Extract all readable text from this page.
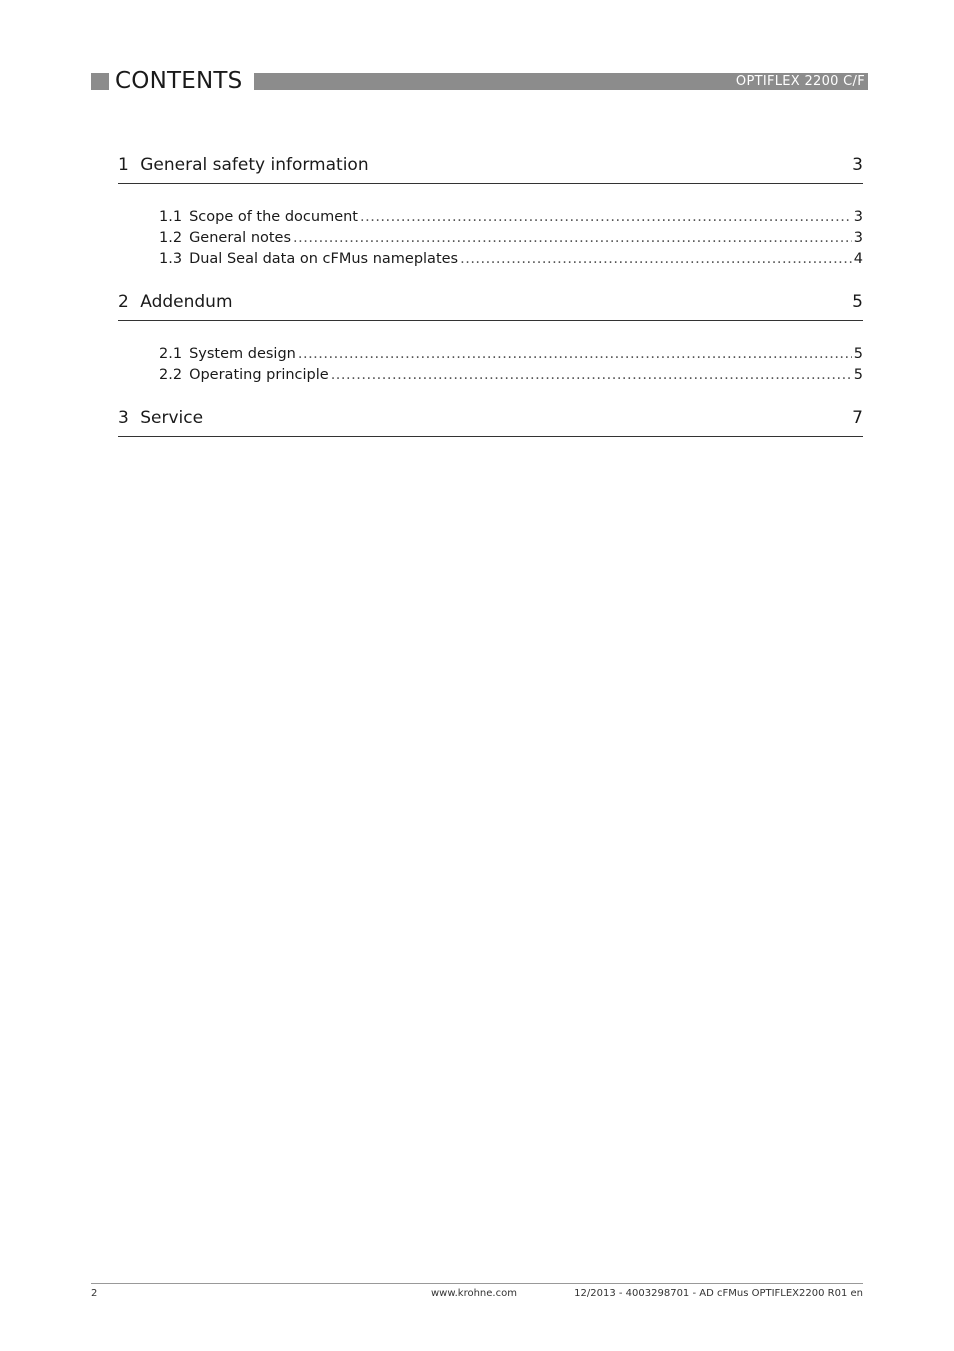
CONTENTS	OPTIFLEX 2200 C/F
1 General safety information	3
1.1 Scope of the document .....	3
1.2 General notes .....	3
1.3 Dual Seal data on cFMus nameplates .....	4
2 Addendum	5
2.1 System design .....	5
2.2 Operating principle .....	5
3 Service	7
2	www.krohne.com	12/2013 - 4003298701 - AD cFMus OPTIFLEX2200 R01 en
